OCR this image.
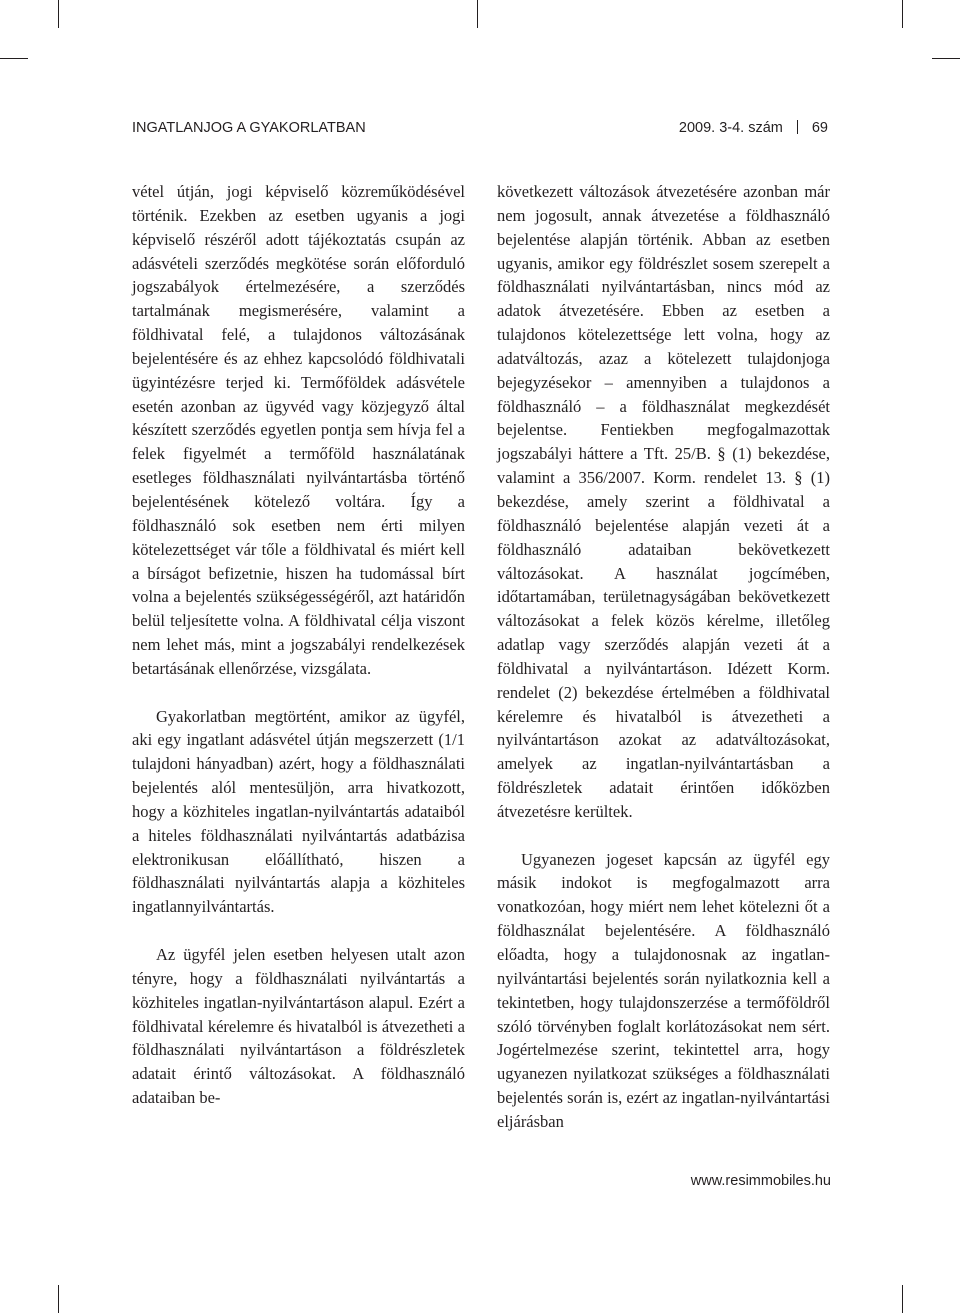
INGATLANJOG A GYAKORLATBAN	2009. 3-4. szám 69

vétel útján, jogi képviselő közreműködésével történik. Ezekben az esetben ugyanis a jogi képviselő részéről adott tájékoztatás csupán az adásvételi szerződés megkötése során előforduló jogszabályok értelmezésére, a szerződés tartalmának megismerésére, valamint a földhivatal felé, a tulajdonos változásának bejelentésére és az ehhez kapcsolódó földhivatali ügyintézésre terjed ki. Termőföldek adásvétele esetén azonban az ügyvéd vagy közjegyző által készített szerződés egyetlen pontja sem hívja fel a felek figyelmét a termőföld használatának esetleges földhasználati nyilvántartásba történő bejelentésének kötelező voltára. Így a földhasználó sok esetben nem érti milyen kötelezettséget vár tőle a földhivatal és miért kell a bírságot befizetnie, hiszen ha tudomással bírt volna a bejelentés szükségességéről, azt határidőn belül teljesítette volna. A földhivatal célja viszont nem lehet más, mint a jogszabályi rendelkezések betartásának ellenőrzése, vizsgálata.

Gyakorlatban megtörtént, amikor az ügyfél, aki egy ingatlant adásvétel útján megszerzett (1/1 tulajdoni hányadban) azért, hogy a földhasználati bejelentés alól mentesüljön, arra hivatkozott, hogy a közhiteles ingatlan-nyilvántartás adataiból a hiteles földhasználati nyilvántartás adatbázisa elektronikusan előállítható, hiszen a földhasználati nyilvántartás alapja a közhiteles ingatlannyilvántartás.

Az ügyfél jelen esetben helyesen utalt azon tényre, hogy a földhasználati nyilvántartás a közhiteles ingatlan-nyilvántartáson alapul. Ezért a földhivatal kérelemre és hivatalból is átvezetheti a földhasználati nyilvántartáson a földrészletek adatait érintő változásokat. A földhasználó adataiban be-

következett változások átvezetésére azonban már nem jogosult, annak átvezetése a földhasználó bejelentése alapján történik. Abban az esetben ugyanis, amikor egy földrészlet sosem szerepelt a földhasználati nyilvántartásban, nincs mód az adatok átvezetésére. Ebben az esetben a tulajdonos kötelezettsége lett volna, hogy az adatváltozás, azaz a kötelezett tulajdonjoga bejegyzésekor – amennyiben a tulajdonos a földhasználó – a földhasználat megkezdését bejelentse. Fentiekben megfogalmazottak jogszabályi háttere a Tft. 25/B. § (1) bekezdése, valamint a 356/2007. Korm. rendelet 13. § (1) bekezdése, amely szerint a földhivatal a földhasználó bejelentése alapján vezeti át a földhasználó adataiban bekövetkezett változásokat. A használat jogcímében, időtartamában, területnagyságában bekövetkezett változásokat a felek közös kérelme, illetőleg adatlap vagy szerződés alapján vezeti át a földhivatal a nyilvántartáson. Idézett Korm. rendelet (2) bekezdése értelmében a földhivatal kérelemre és hivatalból is átvezetheti a nyilvántartáson azokat az adatváltozásokat, amelyek az ingatlan-nyilvántartásban a földrészletek adatait érintően időközben átvezetésre kerültek.

Ugyanezen jogeset kapcsán az ügyfél egy másik indokot is megfogalmazott arra vonatkozóan, hogy miért nem lehet kötelezni őt a földhasználat bejelentésére. A földhasználó előadta, hogy a tulajdonosnak az ingatlan-nyilvántartási bejelentés során nyilatkoznia kell a tekintetben, hogy tulajdonszerzése a termőföldről szóló törvényben foglalt korlátozásokat nem sért. Jogértelmezése szerint, tekintettel arra, hogy ugyanezen nyilatkozat szükséges a földhasználati bejelentés során is, ezért az ingatlan-nyilvántartási eljárásban

www.resimmobiles.hu
